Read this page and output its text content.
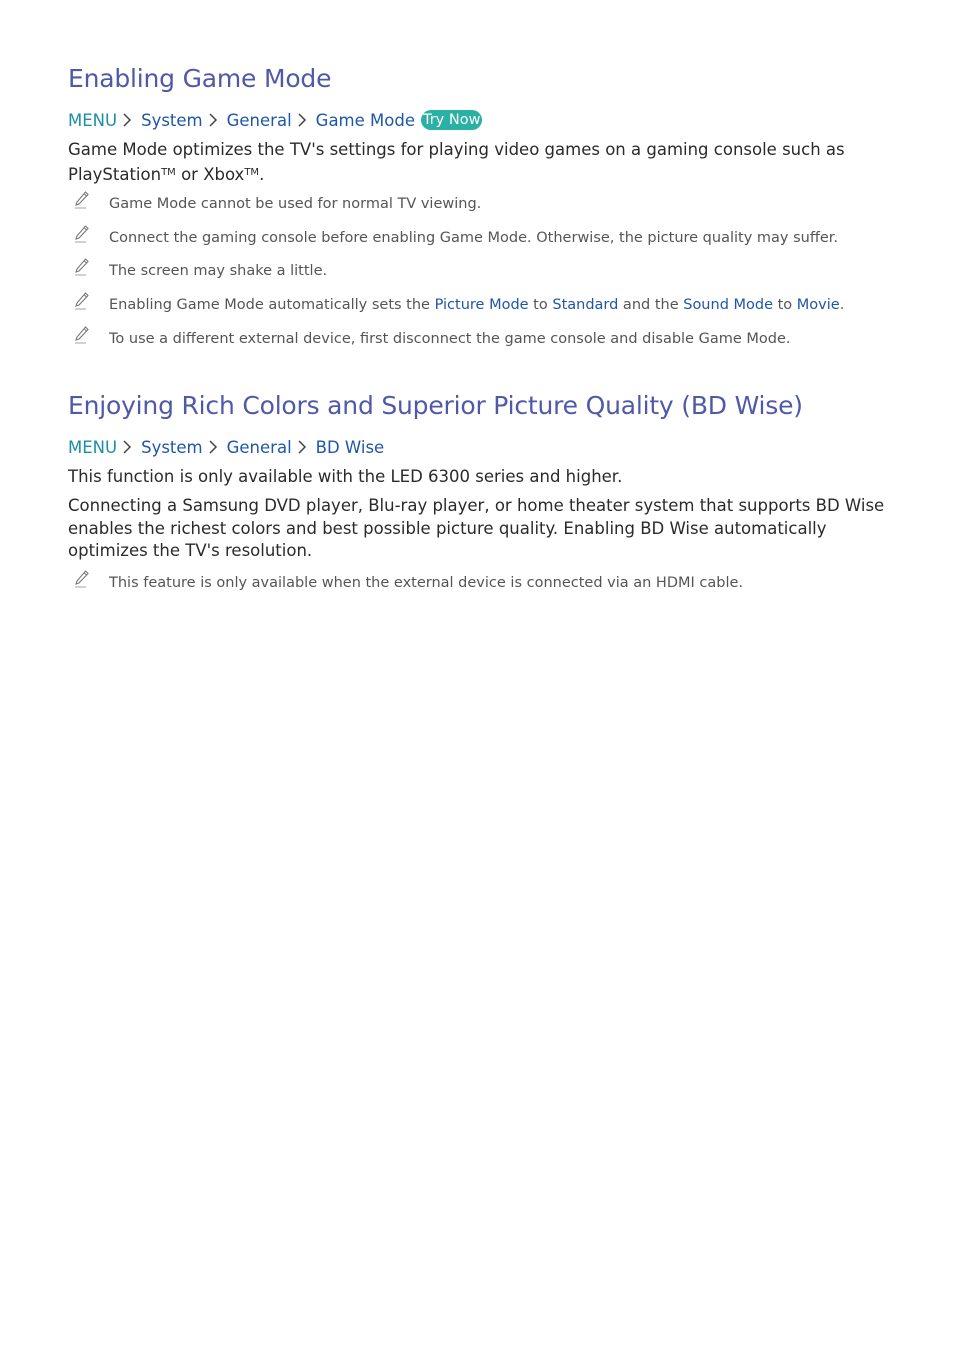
Enabling Game Mode
MENU System General Game Mode Try Now

Game Mode optimizes the TV's settings for playing video games on a gaming console such as PlayStation™ or Xbox™.

Game Mode cannot be used for normal TV viewing.
Connect the gaming console before enabling Game Mode. Otherwise, the picture quality may suffer.
The screen may shake a little.
Enabling Game Mode automatically sets the Picture Mode to Standard and the Sound Mode to Movie.
To use a different external device, first disconnect the game console and disable Game Mode.
Enjoying Rich Colors and Superior Picture Quality (BD Wise)
MENU System General BD Wise

This function is only available with the LED 6300 series and higher.

Connecting a Samsung DVD player, Blu-ray player, or home theater system that supports BD Wise enables the richest colors and best possible picture quality. Enabling BD Wise automatically optimizes the TV's resolution.

This feature is only available when the external device is connected via an HDMI cable.
